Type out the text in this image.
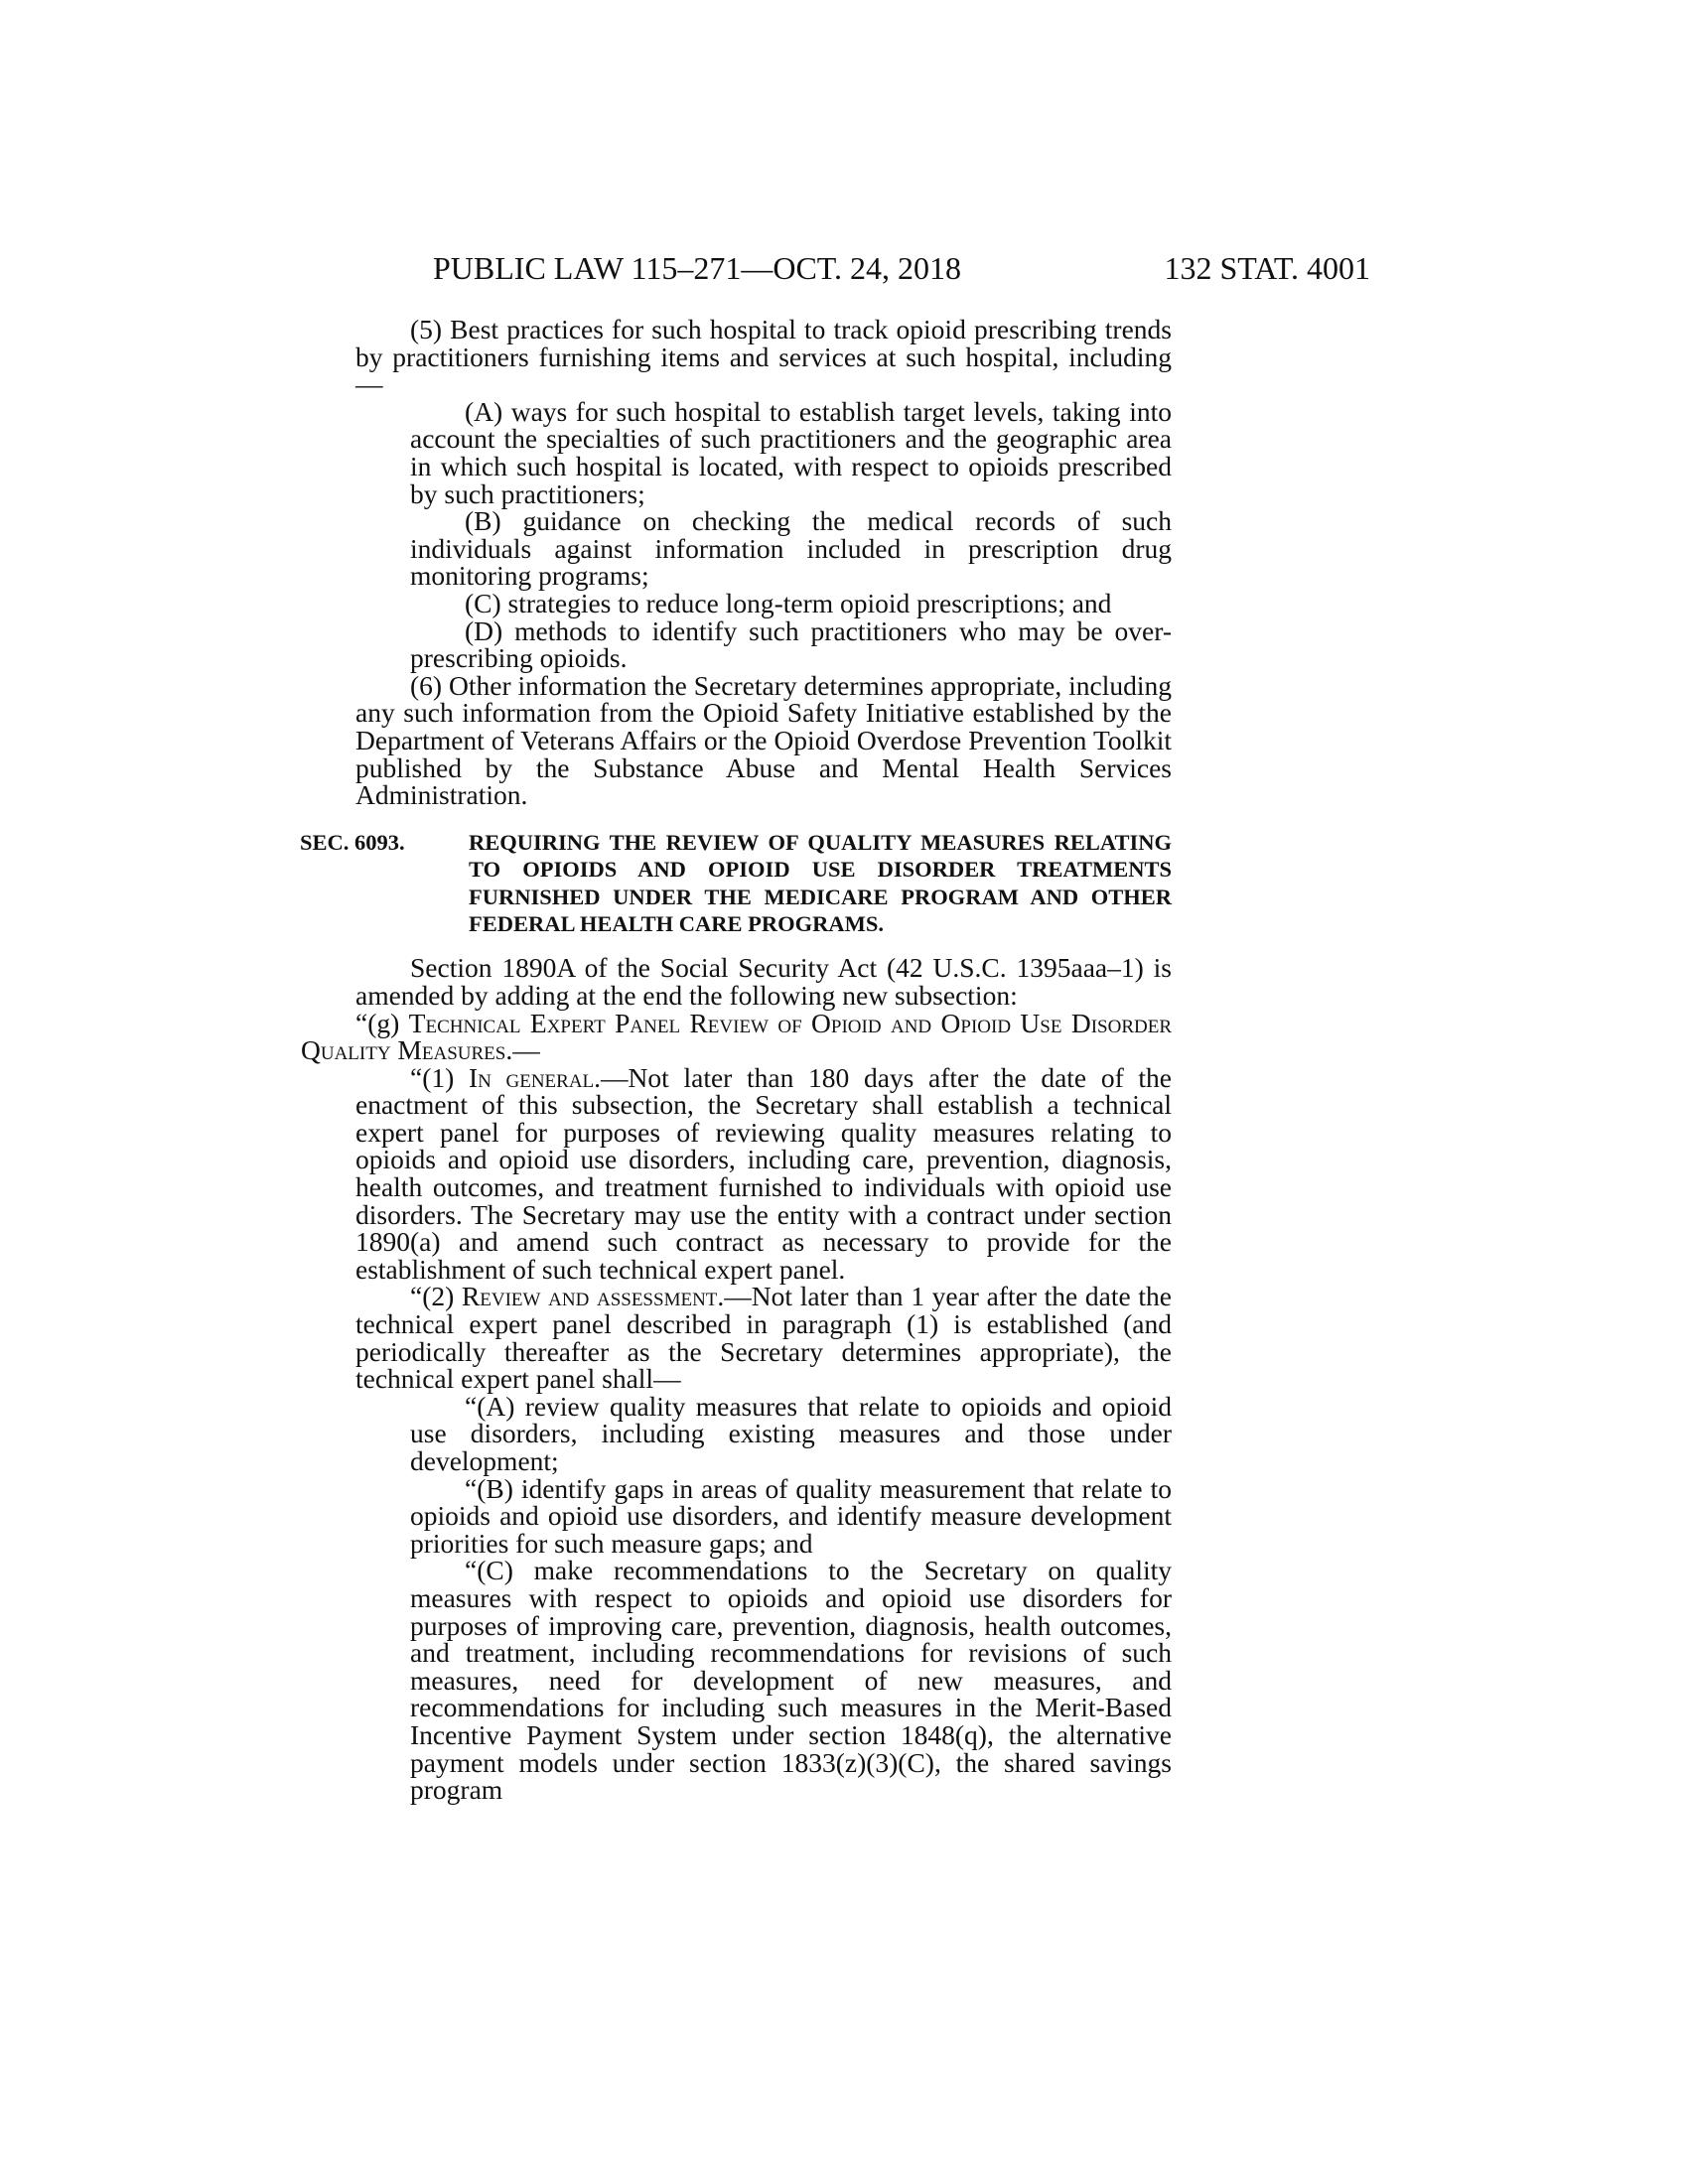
PUBLIC LAW 115–271—OCT. 24, 2018	132 STAT. 4001

(5) Best practices for such hospital to track opioid prescribing trends by practitioners furnishing items and services at such hospital, including—

(A) ways for such hospital to establish target levels, taking into account the specialties of such practitioners and the geographic area in which such hospital is located, with respect to opioids prescribed by such practitioners;

(B) guidance on checking the medical records of such individuals against information included in prescription drug monitoring programs;

(C) strategies to reduce long-term opioid prescriptions; and

(D) methods to identify such practitioners who may be over-prescribing opioids.

(6) Other information the Secretary determines appropriate, including any such information from the Opioid Safety Initiative established by the Department of Veterans Affairs or the Opioid Overdose Prevention Toolkit published by the Substance Abuse and Mental Health Services Administration.

SEC. 6093.	REQUIRING THE REVIEW OF QUALITY MEASURES RELATING TO OPIOIDS AND OPIOID USE DISORDER TREATMENTS FURNISHED UNDER THE MEDICARE PROGRAM AND OTHER FEDERAL HEALTH CARE PROGRAMS.

Section 1890A of the Social Security Act (42 U.S.C. 1395aaa–1) is amended by adding at the end the following new subsection:

“(g) Technical Expert Panel Review of Opioid and Opioid Use Disorder Quality Measures.—

“(1) In general.—Not later than 180 days after the date of the enactment of this subsection, the Secretary shall establish a technical expert panel for purposes of reviewing quality measures relating to opioids and opioid use disorders, including care, prevention, diagnosis, health outcomes, and treatment furnished to individuals with opioid use disorders. The Secretary may use the entity with a contract under section 1890(a) and amend such contract as necessary to provide for the establishment of such technical expert panel.

“(2) Review and assessment.—Not later than 1 year after the date the technical expert panel described in paragraph (1) is established (and periodically thereafter as the Secretary determines appropriate), the technical expert panel shall—

“(A) review quality measures that relate to opioids and opioid use disorders, including existing measures and those under development;

“(B) identify gaps in areas of quality measurement that relate to opioids and opioid use disorders, and identify measure development priorities for such measure gaps; and

“(C) make recommendations to the Secretary on quality measures with respect to opioids and opioid use disorders for purposes of improving care, prevention, diagnosis, health outcomes, and treatment, including recommendations for revisions of such measures, need for development of new measures, and recommendations for including such measures in the Merit-Based Incentive Payment System under section 1848(q), the alternative payment models under section 1833(z)(3)(C), the shared savings program
